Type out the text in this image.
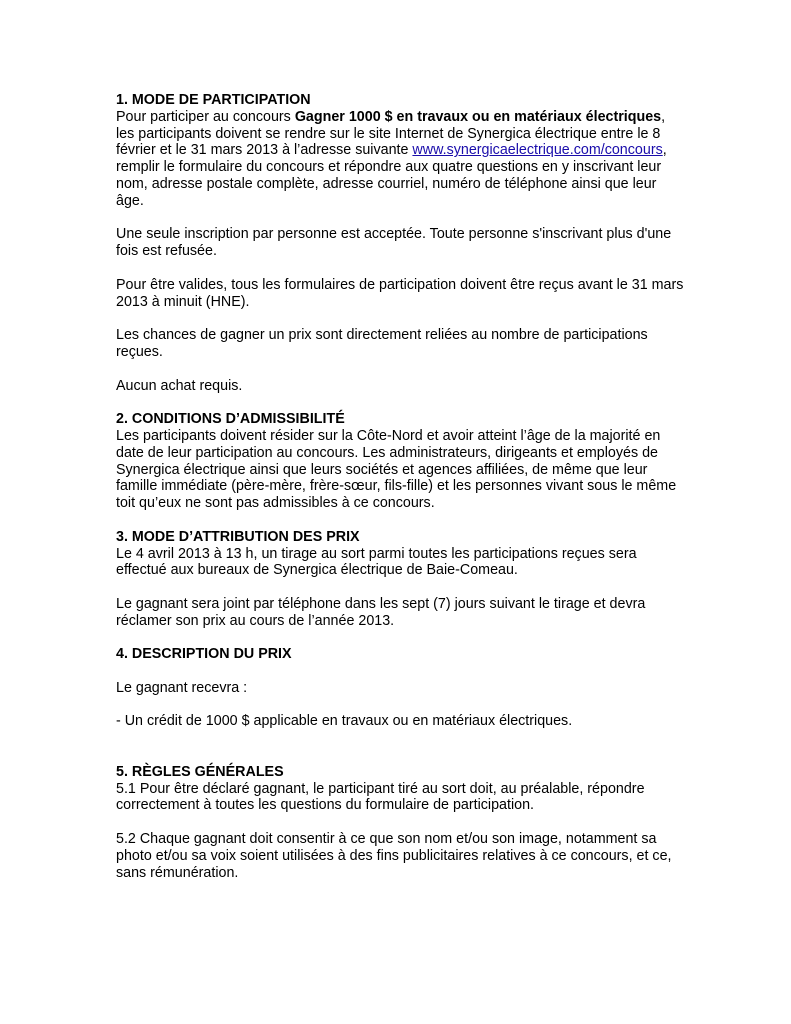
1. MODE DE PARTICIPATION

Pour participer au concours Gagner 1000 $ en travaux ou en matériaux électriques, les participants doivent se rendre sur le site Internet de Synergica électrique entre le 8 février et le 31 mars 2013 à l’adresse suivante www.synergicaelectrique.com/concours, remplir le formulaire du concours et répondre aux quatre questions en y inscrivant leur nom, adresse postale complète, adresse courriel, numéro de téléphone ainsi que leur âge.

Une seule inscription par personne est acceptée. Toute personne s'inscrivant plus d'une fois est refusée.

Pour être valides, tous les formulaires de participation doivent être reçus avant le 31 mars 2013 à minuit (HNE).

Les chances de gagner un prix sont directement reliées au nombre de participations reçues.

Aucun achat requis.

2. CONDITIONS D’ADMISSIBILITÉ

Les participants doivent résider sur la Côte-Nord et avoir atteint l’âge de la majorité en date de leur participation au concours. Les administrateurs, dirigeants et employés de Synergica électrique ainsi que leurs sociétés et agences affiliées, de même que leur famille immédiate (père-mère, frère-sœur, fils-fille) et les personnes vivant sous le même toit qu’eux ne sont pas admissibles à ce concours.

3. MODE D’ATTRIBUTION DES PRIX

Le 4 avril 2013 à 13 h, un tirage au sort parmi toutes les participations reçues sera effectué aux bureaux de Synergica électrique de Baie-Comeau.

Le gagnant sera joint par téléphone dans les sept (7) jours suivant le tirage et devra réclamer son prix au cours de l’année 2013.

4. DESCRIPTION DU PRIX

Le gagnant recevra :

- Un crédit de 1000 $ applicable en travaux ou en matériaux électriques.

5. RÈGLES GÉNÉRALES

5.1 Pour être déclaré gagnant, le participant tiré au sort doit, au préalable, répondre correctement à toutes les questions du formulaire de participation.

5.2 Chaque gagnant doit consentir à ce que son nom et/ou son image, notamment sa photo et/ou sa voix soient utilisées à des fins publicitaires relatives à ce concours, et ce, sans rémunération.
